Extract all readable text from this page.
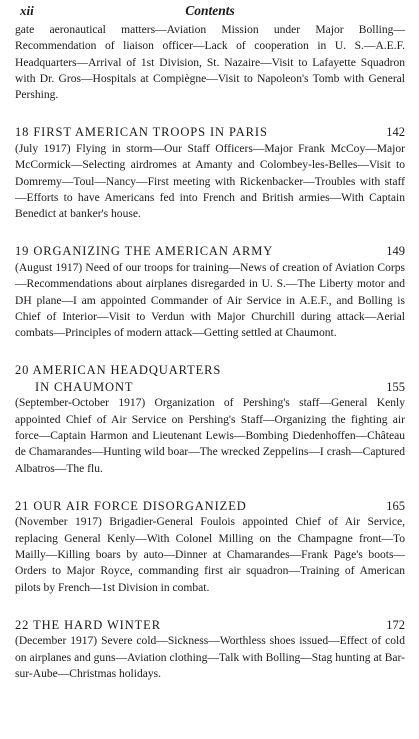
xii	Contents

gate aeronautical matters—Aviation Mission under Major Bolling—Recommendation of liaison officer—Lack of cooperation in U. S.—A.E.F. Headquarters—Arrival of 1st Division, St. Nazaire—Visit to Lafayette Squadron with Dr. Gros—Hospitals at Compiègne—Visit to Napoleon's Tomb with General Pershing.

18 FIRST AMERICAN TROOPS IN PARIS	142

(July 1917) Flying in storm—Our Staff Officers—Major Frank McCoy—Major McCormick—Selecting airdromes at Amanty and Colombey-les-Belles—Visit to Domremy—Toul—Nancy—First meeting with Rickenbacker—Troubles with staff—Efforts to have Americans fed into French and British armies—With Captain Benedict at banker's house.

19 ORGANIZING THE AMERICAN ARMY	149

(August 1917) Need of our troops for training—News of creation of Aviation Corps—Recommendations about airplanes disregarded in U. S.—The Liberty motor and DH plane—I am appointed Commander of Air Service in A.E.F., and Bolling is Chief of Interior—Visit to Verdun with Major Churchill during attack—Aerial combats—Principles of modern attack—Getting settled at Chaumont.

20 AMERICAN HEADQUARTERS
IN CHAUMONT	155

(September-October 1917) Organization of Pershing's staff—General Kenly appointed Chief of Air Service on Pershing's Staff—Organizing the fighting air force—Captain Harmon and Lieutenant Lewis—Bombing Diedenhoffen—Château de Chamarandes—Hunting wild boar—The wrecked Zeppelins—I crash—Captured Albatros—The flu.

21 OUR AIR FORCE DISORGANIZED	165

(November 1917) Brigadier-General Foulois appointed Chief of Air Service, replacing General Kenly—With Colonel Milling on the Champagne front—To Mailly—Killing boars by auto—Dinner at Chamarandes—Frank Page's boots—Orders to Major Royce, commanding first air squadron—Training of American pilots by French—1st Division in combat.

22 THE HARD WINTER	172

(December 1917) Severe cold—Sickness—Worthless shoes issued—Effect of cold on airplanes and guns—Aviation clothing—Talk with Bolling—Stag hunting at Bar-sur-Aube—Christmas holidays.
